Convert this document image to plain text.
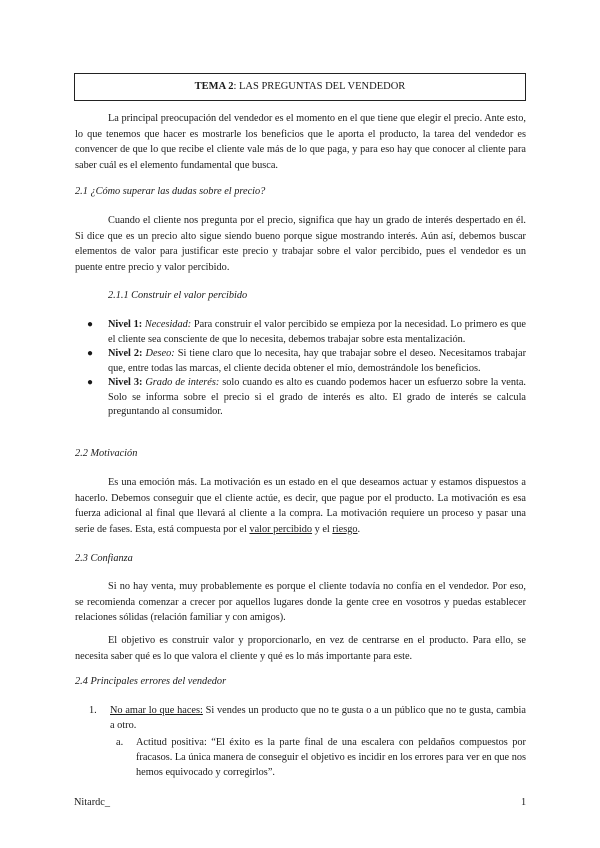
TEMA 2: LAS PREGUNTAS DEL VENDEDOR

La principal preocupación del vendedor es el momento en el que tiene que elegir el precio. Ante esto, lo que tenemos que hacer es mostrarle los beneficios que le aporta el producto, la tarea del vendedor es convencer de que lo que recibe el cliente vale más de lo que paga, y para eso hay que conocer al cliente para saber cuál es el elemento fundamental que busca.

2.1 ¿Cómo superar las dudas sobre el precio?

Cuando el cliente nos pregunta por el precio, significa que hay un grado de interés despertado en él. Si dice que es un precio alto sigue siendo bueno porque sigue mostrando interés. Aún así, debemos buscar elementos de valor para justificar este precio y trabajar sobre el valor percibido, pues el vendedor es un puente entre precio y valor percibido.

2.1.1 Construir el valor percibido

● Nivel 1: Necesidad: Para construir el valor percibido se empieza por la necesidad. Lo primero es que el cliente sea consciente de que lo necesita, debemos trabajar sobre esta mentalización.
● Nivel 2: Deseo: Si tiene claro que lo necesita, hay que trabajar sobre el deseo. Necesitamos trabajar que, entre todas las marcas, el cliente decida obtener el mío, demostrándole los beneficios.
● Nivel 3: Grado de interés: solo cuando es alto es cuando podemos hacer un esfuerzo sobre la venta. Solo se informa sobre el precio si el grado de interés es alto. El grado de interés se calcula preguntando al consumidor.

2.2 Motivación

Es una emoción más. La motivación es un estado en el que deseamos actuar y estamos dispuestos a hacerlo. Debemos conseguir que el cliente actúe, es decir, que pague por el producto. La motivación es esa fuerza adicional al final que llevará al cliente a la compra. La motivación requiere un proceso y pasar una serie de fases. Esta, está compuesta por el valor percibido y el riesgo.

2.3 Confianza

Si no hay venta, muy probablemente es porque el cliente todavía no confía en el vendedor. Por eso, se recomienda comenzar a crecer por aquellos lugares donde la gente cree en vosotros y puedas establecer relaciones sólidas (relación familiar y con amigos).

El objetivo es construir valor y proporcionarlo, en vez de centrarse en el producto. Para ello, se necesita saber qué es lo que valora el cliente y qué es lo más importante para este.

2.4 Principales errores del vendedor

1. No amar lo que haces: Si vendes un producto que no te gusta o a un público que no te gusta, cambia a otro.
a. Actitud positiva: “El éxito es la parte final de una escalera con peldaños compuestos por fracasos. La única manera de conseguir el objetivo es incidir en los errores para ver en que nos hemos equivocado y corregirlos”.
Nitardc_	1
